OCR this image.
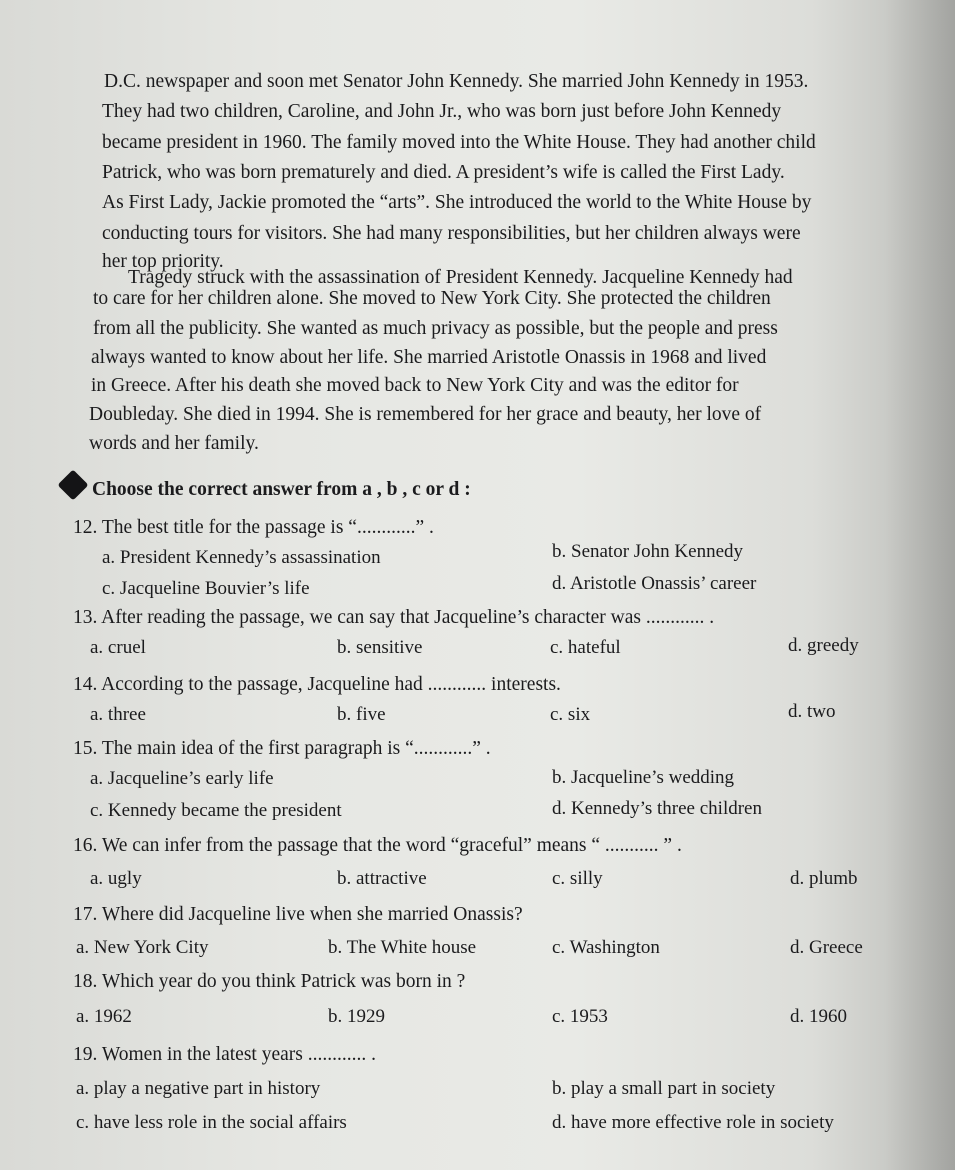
D.C. newspaper and soon met Senator John Kennedy. She married John Kennedy in 1953.
They had two children, Caroline, and John Jr., who was born just before John Kennedy
became president in 1960. The family moved into the White House. They had another child
Patrick, who was born prematurely and died. A president’s wife is called the First Lady.
As First Lady, Jackie promoted the “arts”. She introduced the world to the White House by
conducting tours for visitors. She had many responsibilities, but her children always were
her top priority.
Tragedy struck with the assassination of President Kennedy. Jacqueline Kennedy had
to care for her children alone. She moved to New York City. She protected the children
from all the publicity. She wanted as much privacy as possible, but the people and press
always wanted to know about her life. She married Aristotle Onassis in 1968 and lived
in Greece. After his death she moved back to New York City and was the editor for
Doubleday. She died in 1994. She is remembered for her grace and beauty, her love of
words and her family.
Choose the correct answer from a , b , c or d :
12. The best title for the passage is “............” .
a. President Kennedy’s assassination	b. Senator John Kennedy
c. Jacqueline Bouvier’s life	d. Aristotle Onassis’ career
13. After reading the passage, we can say that Jacqueline’s character was ............ .
a. cruel	b. sensitive	c. hateful	d. greedy
14. According to the passage, Jacqueline had ............ interests.
a. three	b. five	c. six	d. two
15. The main idea of the first paragraph is “............” .
a. Jacqueline’s early life	b. Jacqueline’s wedding
c. Kennedy became the president	d. Kennedy’s three children
16. We can infer from the passage that the word “graceful” means “ ........... ” .
a. ugly	b. attractive	c. silly	d. plumb
17. Where did Jacqueline live when she married Onassis?
a. New York City	b. The White house	c. Washington	d. Greece
18. Which year do you think Patrick was born in ?
a. 1962	b. 1929	c. 1953	d. 1960
19. Women in the latest years ............ .
a. play a negative part in history	b. play a small part in society
c. have less role in the social affairs	d. have more effective role in society
